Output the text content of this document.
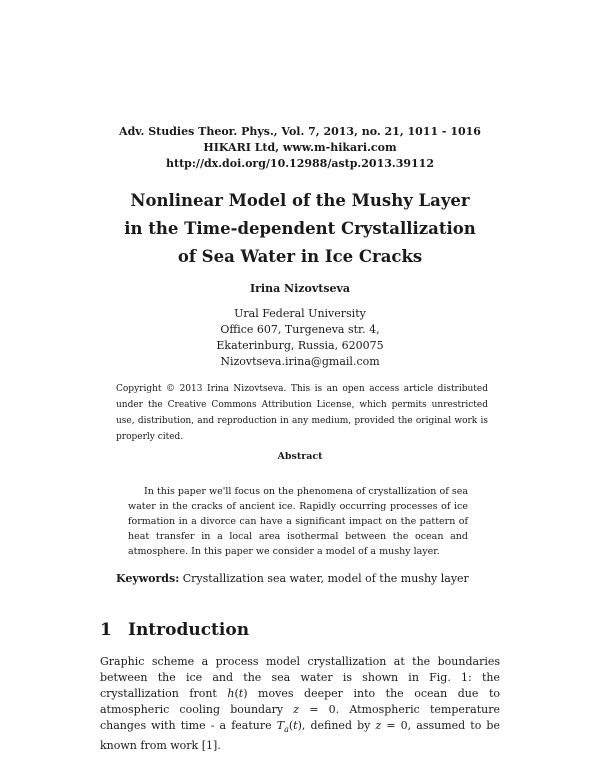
Adv. Studies Theor. Phys., Vol. 7, 2013, no. 21, 1011 - 1016
HIKARI Ltd, www.m-hikari.com
http://dx.doi.org/10.12988/astp.2013.39112
Nonlinear Model of the Mushy Layer
in the Time-dependent Crystallization
of Sea Water in Ice Cracks
Irina Nizovtseva
Ural Federal University
Office 607, Turgeneva str. 4,
Ekaterinburg, Russia, 620075
Nizovtseva.irina@gmail.com
Copyright © 2013 Irina Nizovtseva. This is an open access article distributed under the Creative Commons Attribution License, which permits unrestricted use, distribution, and reproduction in any medium, provided the original work is properly cited.
Abstract
In this paper we'll focus on the phenomena of crystallization of sea water in the cracks of ancient ice. Rapidly occurring processes of ice formation in a divorce can have a significant impact on the pattern of heat transfer in a local area isothermal between the ocean and atmosphere. In this paper we consider a model of a mushy layer.
Keywords: Crystallization sea water, model of the mushy layer
1 Introduction
Graphic scheme a process model crystallization at the boundaries between the ice and the sea water is shown in Fig. 1: the crystallization front h(t) moves deeper into the ocean due to atmospheric cooling boundary z = 0. Atmospheric temperature changes with time - a feature $T_a(t)$, defined by z = 0, assumed to be known from work [1].
